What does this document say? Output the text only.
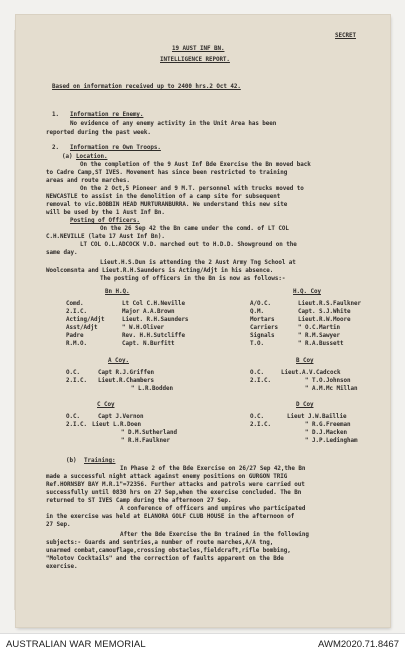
SECRET
19 AUST INF BN.
INTELLIGENCE REPORT.
Based on information received up to 2400 hrs.2 Oct 42.
1. Information re Enemy.
No evidence of any enemy activity in the Unit Area has been
reported during the past week.
2. Information re Own Troops.
(a) Location.
On the completion of the 9 Aust Inf Bde Exercise the Bn moved back
to Cadre Camp,ST IVES. Movement has since been restricted to training
areas and route marches.
On the 2 Oct,5 Pioneer and 9 M.T. personnel with trucks moved to
NEWCASTLE to assist in the demolition of a camp site for subsequent
removal to vic.BOBBIN HEAD MURTURANBURRA. We understand this new site
will be used by the 1 Aust Inf Bn.
Posting of Officers.
On the 26 Sep 42 the Bn came under the comd. of LT COL
C.H.NEVILLE (late 17 Aust Inf Bn).
LT COL O.L.ADCOCK V.D. marched out to H.D.D. Showground on the
same day.
Lieut.H.S.Dun is attending the 2 Aust Army Tng School at
Woolcomsnta and Lieut.R.H.Saunders is Acting/Adjt in his absence.
The posting of officers in the Bn is now as follows:-
Bn H.Q.
Comd.	Lt Col C.H.Neville
2.I.C.	Major A.A.Brown
Acting/Adjt	Lieut. R.H.Saunders
Asst/Adjt	" W.H.Oliver
Padre	Rev. H.H.Sutcliffe
R.M.O.	Capt. N.Burfitt
H.Q. Coy
A/O.C.	Lieut.R.S.Faulkner
Q.M.	Capt. S.J.White
Mortars	Lieut.R.W.Moore
Carriers	" O.C.Martin
Signals	" R.M.Sawyer
T.O.	" R.A.Bussett
A Coy.
O.C.	Capt R.J.Griffen
2.I.C. Lieut.R.Chambers
" L.R.Bodden
B Coy
O.C.	Lieut.A.V.Cadcock
2.I.C.	" T.O.Johnson
" A.M.Mc Millan
C Coy
O.C.	Capt J.Vernon
2.I.C. Lieut L.R.Doen
" D.M.Sutherland
" R.H.Faulkner
D Coy
O.C.	Lieut J.W.Baillie
2.I.C.	" R.G.Freeman
" D.J.Macken
" J.P.Ledingham
(b) Training:
In Phase 2 of the Bde Exercise on 26/27 Sep 42,the Bn
made a successful night attack against enemy positions on GURGON TRIG
Ref.HORNSBY BAY M.R.1"=72356. Further attacks and patrols were carried out
successfully until 0830 hrs on 27 Sep,when the exercise concluded. The Bn
returned to ST IVES Camp during the afternoon 27 Sep.
A conference of officers and umpires who participated
in the exercise was held at ELANORA GOLF CLUB HOUSE in the afternoon of
27 Sep.
After the Bde Exercise the Bn trained in the following
subjects:- Guards and sentries,a number of route marches,A/A tng,
unarmed combat,camouflage,crossing obstacles,fieldcraft,rifle bombing,
"Molotov Cocktails" and the correction of faults apparent on the Bde
exercise.
AUSTRALIAN WAR MEMORIAL	AWM2020.71.8467
